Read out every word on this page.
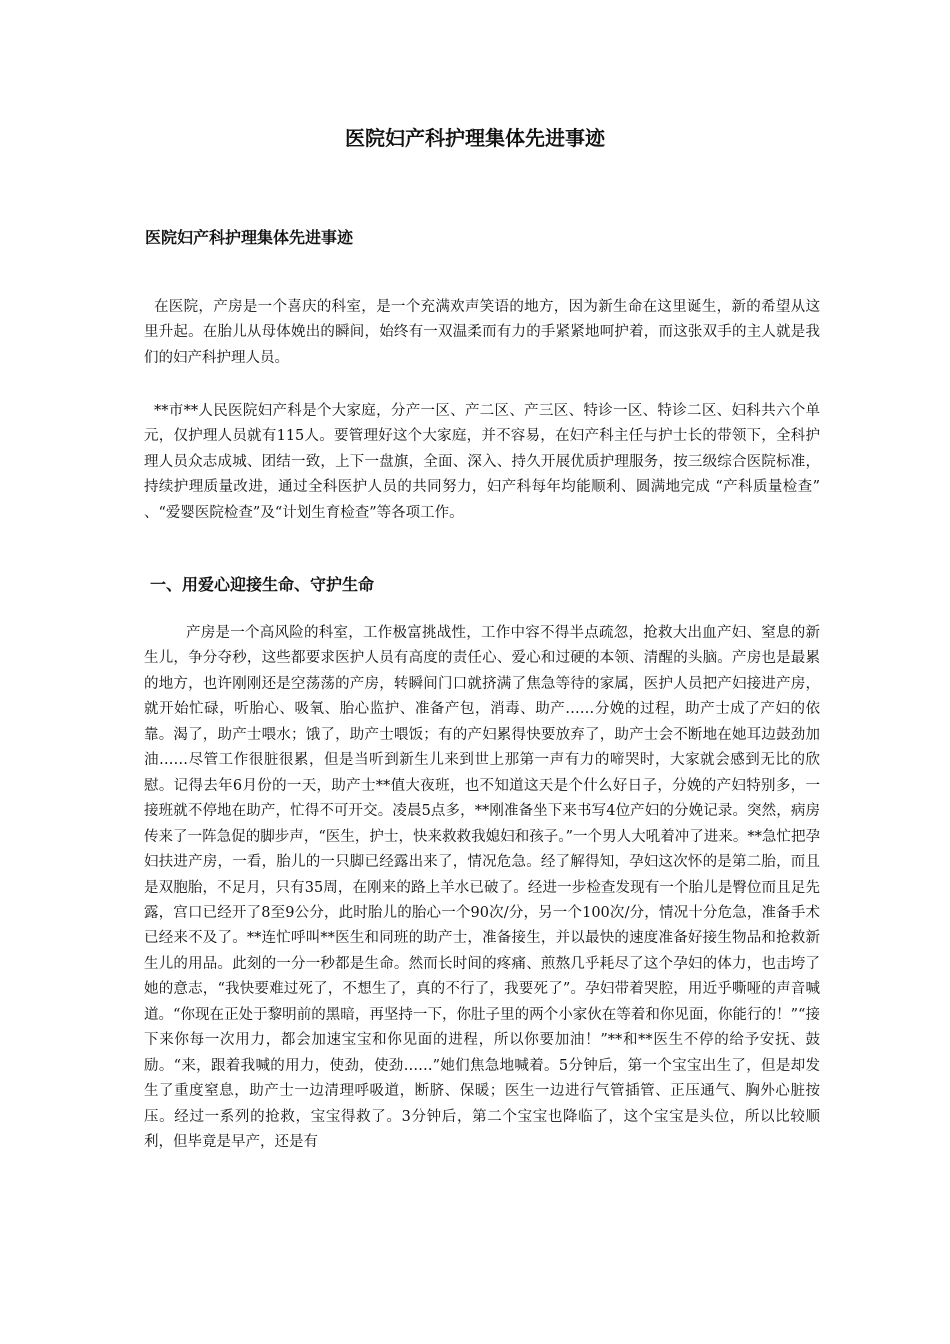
医院妇产科护理集体先进事迹
医院妇产科护理集体先进事迹

在医院，产房是一个喜庆的科室，是一个充满欢声笑语的地方，因为新生命在这里诞生，新的希望从这里升起。在胎儿从母体娩出的瞬间，始终有一双温柔而有力的手紧紧地呵护着，而这张双手的主人就是我们的妇产科护理人员。

**市**人民医院妇产科是个大家庭，分产一区、产二区、产三区、特诊一区、特诊二区、妇科共六个单元，仅护理人员就有115人。要管理好这个大家庭，并不容易，在妇产科主任与护士长的带领下，全科护理人员众志成城、团结一致，上下一盘旗，全面、深入、持久开展优质护理服务，按三级综合医院标准，持续护理质量改进，通过全科医护人员的共同努力，妇产科每年均能顺利、圆满地完成 “产科质量检查” 、“爱婴医院检查”及“计划生育检查”等各项工作。

一、用爱心迎接生命、守护生命

产房是一个高风险的科室，工作极富挑战性，工作中容不得半点疏忽，抢救大出血产妇、窒息的新生儿，争分夺秒，这些都要求医护人员有高度的责任心、爱心和过硬的本领、清醒的头脑。产房也是最累的地方，也许刚刚还是空荡荡的产房，转瞬间门口就挤满了焦急等待的家属，医护人员把产妇接进产房，就开始忙碌，听胎心、吸氧、胎心监护、准备产包，消毒、助产……分娩的过程，助产士成了产妇的依靠。渴了，助产士喂水；饿了，助产士喂饭；有的产妇累得快要放弃了，助产士会不断地在她耳边鼓劲加油……尽管工作很脏很累，但是当听到新生儿来到世上那第一声有力的啼哭时，大家就会感到无比的欣慰。记得去年6月份的一天，助产士**值大夜班，也不知道这天是个什么好日子，分娩的产妇特别多，一接班就不停地在助产，忙得不可开交。凌晨5点多，**刚准备坐下来书写4位产妇的分娩记录。突然，病房传来了一阵急促的脚步声，“医生，护士，快来救救我媳妇和孩子。”一个男人大吼着冲了进来。**急忙把孕妇扶进产房，一看，胎儿的一只脚已经露出来了，情况危急。经了解得知，孕妇这次怀的是第二胎，而且是双胞胎，不足月，只有35周，在刚来的路上羊水已破了。经进一步检查发现有一个胎儿是臀位而且足先露，宫口已经开了8至9公分，此时胎儿的胎心一个90次/分，另一个100次/分，情况十分危急，准备手术已经来不及了。**连忙呼叫**医生和同班的助产士，准备接生，并以最快的速度准备好接生物品和抢救新生儿的用品。此刻的一分一秒都是生命。然而长时间的疼痛、煎熬几乎耗尽了这个孕妇的体力，也击垮了她的意志，“我快要难过死了，不想生了，真的不行了，我要死了”。孕妇带着哭腔，用近乎嘶哑的声音喊道。“你现在正处于黎明前的黑暗，再坚持一下，你肚子里的两个小家伙在等着和你见面，你能行的！”“接下来你每一次用力，都会加速宝宝和你见面的进程，所以你要加油！”**和**医生不停的给予安抚、鼓励。“来，跟着我喊的用力，使劲，使劲……”她们焦急地喊着。5分钟后，第一个宝宝出生了，但是却发生了重度窒息，助产士一边清理呼吸道，断脐、保暖；医生一边进行气管插管、正压通气、胸外心脏按压。经过一系列的抢救，宝宝得救了。3分钟后，第二个宝宝也降临了，这个宝宝是头位，所以比较顺利，但毕竟是早产，还是有
